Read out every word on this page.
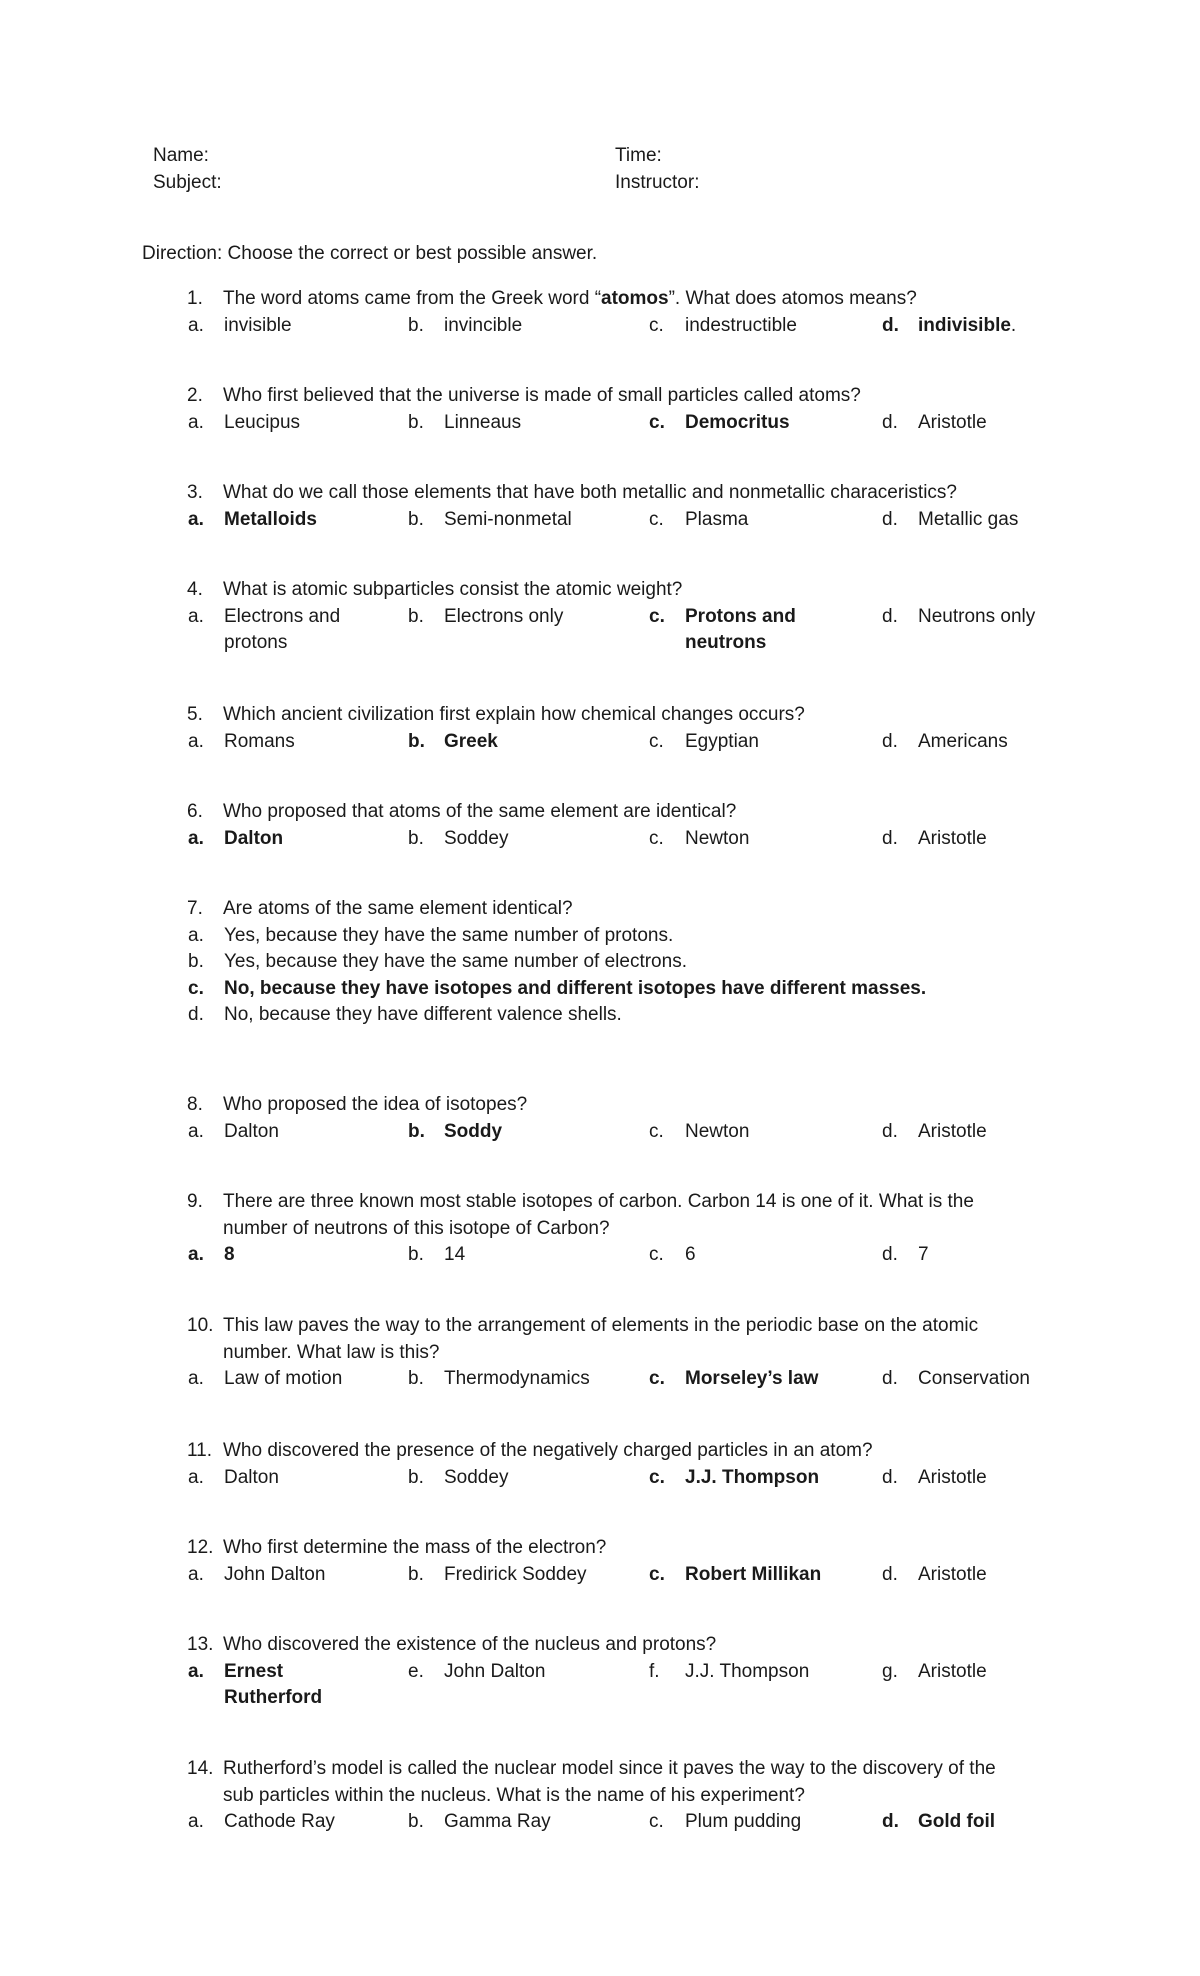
Name:
Subject:
Time:
Instructor:
Direction: Choose the correct or best possible answer.
1. The word atoms came from the Greek word “atomos”. What does atomos means?
a.	invisible	b.	invincible	c.	indestructible	d.	indivisible.
2. Who first believed that the universe is made of small particles called atoms?
a.	Leucipus	b.	Linneaus	c.	Democritus	d.	Aristotle
3. What do we call those elements that have both metallic and nonmetallic characeristics?
a.	Metalloids	b.	Semi-nonmetal	c.	Plasma	d.	Metallic gas
4. What is atomic subparticles consist the atomic weight?
a.	Electrons and
protons
b.	Electrons only	c.	Protons and
neutrons
d.	Neutrons only
5. Which ancient civilization first explain how chemical changes occurs?
a.	Romans	b.	Greek	c.	Egyptian	d.	Americans
6. Who proposed that atoms of the same element are identical?
a.	Dalton	b.	Soddey	c.	Newton	d.	Aristotle
7. Are atoms of the same element identical?
a.	Yes, because they have the same number of protons.
b.	Yes, because they have the same number of electrons.
c.	No, because they have isotopes and different isotopes have different masses.
d.	No, because they have different valence shells.
8. Who proposed the idea of isotopes?
a.	Dalton	b.	Soddy	c.	Newton	d.	Aristotle
9. There are three known most stable isotopes of carbon. Carbon 14 is one of it. What is the
number of neutrons of this isotope of Carbon?
a.	8	b.	14	c.	6	d.	7
10. This law paves the way to the arrangement of elements in the periodic base on the atomic
number. What law is this?
a.	Law of motion	b.	Thermodynamics	c.	Morseley’s law	d.	Conservation
11. Who discovered the presence of the negatively charged particles in an atom?
a.	Dalton	b.	Soddey	c.	J.J. Thompson	d.	Aristotle
12. Who first determine the mass of the electron?
a.	John Dalton	b.	Fredirick Soddey	c.	Robert Millikan	d.	Aristotle
13. Who discovered the existence of the nucleus and protons?
a.	Ernest
Rutherford
e.	John Dalton	f.	J.J. Thompson	g.	Aristotle
14. Rutherford’s model is called the nuclear model since it paves the way to the discovery of the
sub particles within the nucleus. What is the name of his experiment?
a.	Cathode Ray	b.	Gamma Ray	c.	Plum pudding	d.	Gold foil
